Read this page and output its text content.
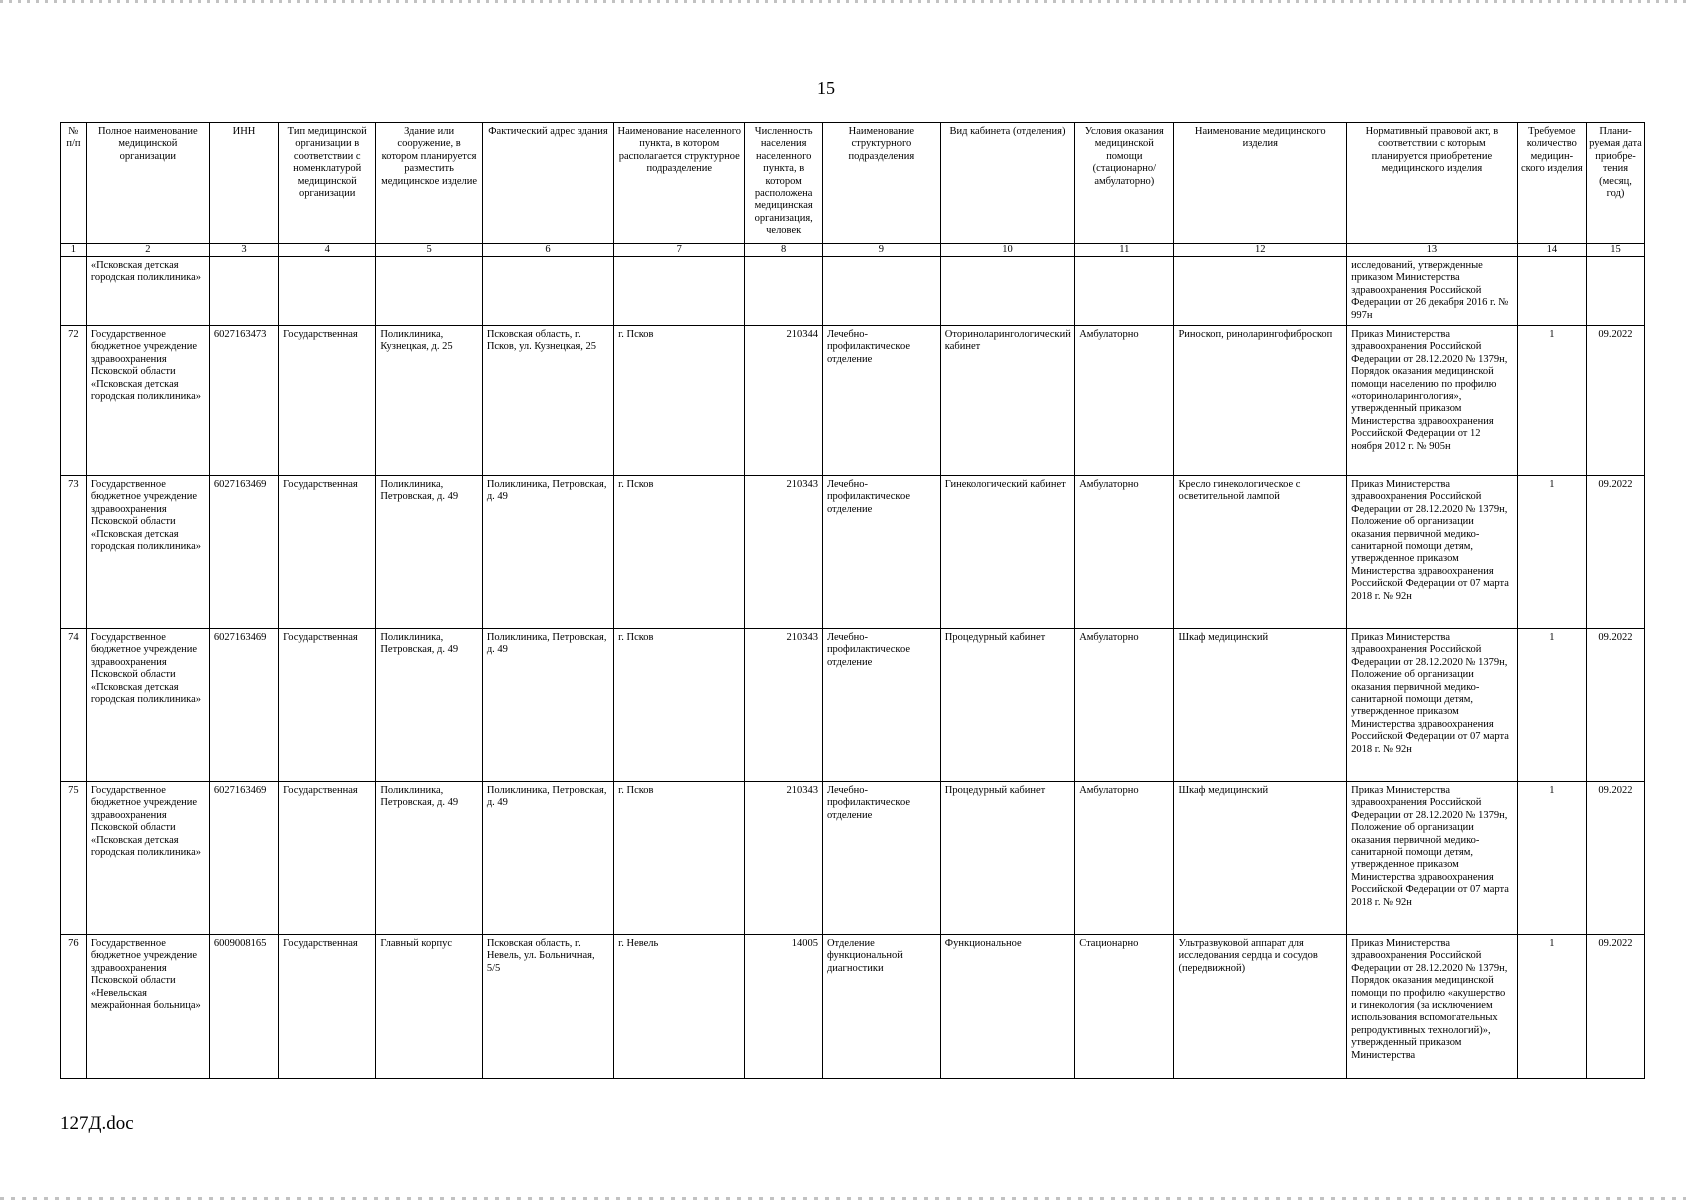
15
№ п/п	Полное наименование медицинской организации	ИНН	Тип медицинской организации в соответствии с номенклатурой медицинской организации	Здание или сооружение, в котором планируется разместить медицинское изделие	Фактический адрес здания	Наименование населенного пункта, в котором располагается структурное подразделение	Численность населения населенного пункта, в котором расположена медицинская организация, человек	Наименование структурного подразделения	Вид кабинета (отделения)	Условия оказания медицинской помощи (стационарно/ амбулаторно)	Наименование медицинского изделия	Нормативный правовой акт, в соответствии с которым планируется приобретение медицинского изделия	Требуемое количество медицин-ского изделия	Плани-руемая дата приобре-тения (месяц, год)
1	2	3	4	5	6	7	8	9	10	11	12	13	14	15
	«Псковская детская городская поликлиника»											исследований, утвержденные приказом Министерства здравоохранения Российской Федерации от 26 декабря 2016 г. № 997н		
72	Государственное бюджетное учреждение здравоохранения Псковской области «Псковская детская городская поликлиника»	6027163473	Государственная	Поликлиника, Кузнецкая, д. 25	Псковская область, г. Псков, ул. Кузнецкая, 25	г. Псков	210344	Лечебно-профилактическое отделение	Оториноларингологический кабинет	Амбулаторно	Риноскоп, риноларингофиброскоп	Приказ Министерства здравоохранения Российской Федерации от 28.12.2020 № 1379н, Порядок оказания медицинской помощи населению по профилю «оториноларингология», утвержденный приказом Министерства здравоохранения Российской Федерации от 12 ноября 2012 г. № 905н	1	09.2022
73	Государственное бюджетное учреждение здравоохранения Псковской области «Псковская детская городская поликлиника»	6027163469	Государственная	Поликлиника, Петровская, д. 49	Поликлиника, Петровская, д. 49	г. Псков	210343	Лечебно-профилактическое отделение	Гинекологический кабинет	Амбулаторно	Кресло гинекологическое с осветительной лампой	Приказ Министерства здравоохранения Российской Федерации от 28.12.2020 № 1379н, Положение об организации оказания первичной медико-санитарной помощи детям, утвержденное приказом Министерства здравоохранения Российской Федерации от 07 марта 2018 г. № 92н	1	09.2022
74	Государственное бюджетное учреждение здравоохранения Псковской области «Псковская детская городская поликлиника»	6027163469	Государственная	Поликлиника, Петровская, д. 49	Поликлиника, Петровская, д. 49	г. Псков	210343	Лечебно-профилактическое отделение	Процедурный кабинет	Амбулаторно	Шкаф медицинский	Приказ Министерства здравоохранения Российской Федерации от 28.12.2020 № 1379н, Положение об организации оказания первичной медико-санитарной помощи детям, утвержденное приказом Министерства здравоохранения Российской Федерации от 07 марта 2018 г. № 92н	1	09.2022
75	Государственное бюджетное учреждение здравоохранения Псковской области «Псковская детская городская поликлиника»	6027163469	Государственная	Поликлиника, Петровская, д. 49	Поликлиника, Петровская, д. 49	г. Псков	210343	Лечебно-профилактическое отделение	Процедурный кабинет	Амбулаторно	Шкаф медицинский	Приказ Министерства здравоохранения Российской Федерации от 28.12.2020 № 1379н, Положение об организации оказания первичной медико-санитарной помощи детям, утвержденное приказом Министерства здравоохранения Российской Федерации от 07 марта 2018 г. № 92н	1	09.2022
76	Государственное бюджетное учреждение здравоохранения Псковской области «Невельская межрайонная больница»	6009008165	Государственная	Главный корпус	Псковская область, г. Невель, ул. Больничная, 5/5	г. Невель	14005	Отделение функциональной диагностики	Функциональное	Стационарно	Ультразвуковой аппарат для исследования сердца и сосудов (передвижной)	Приказ Министерства здравоохранения Российской Федерации от 28.12.2020 № 1379н, Порядок оказания медицинской помощи по профилю «акушерство и гинекология (за исключением использования вспомогательных репродуктивных технологий)», утвержденный приказом Министерства	1	09.2022
127Д.doc
